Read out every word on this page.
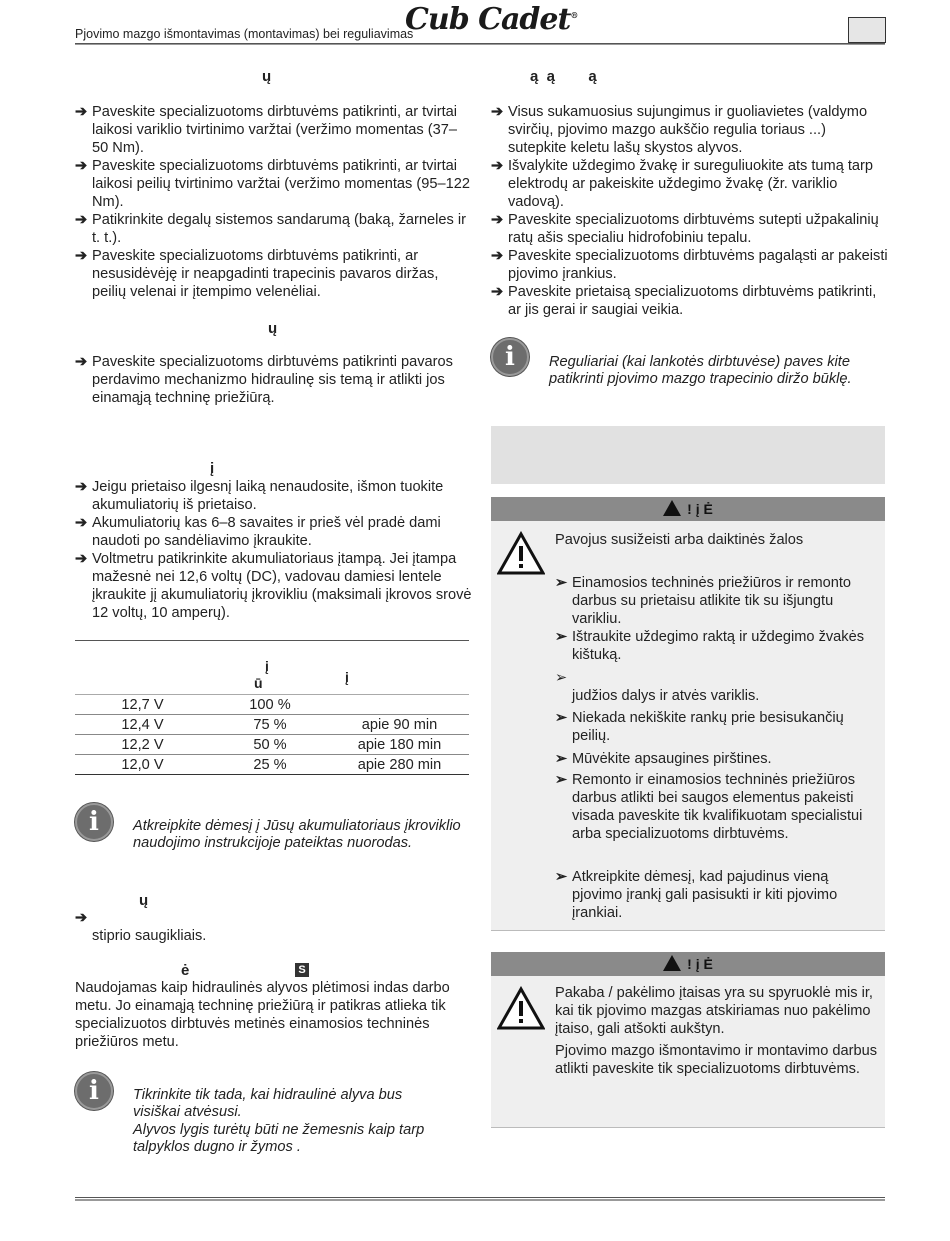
Pjovimo mazgo išmontavimas (montavimas) bei reguliavimas
Cub Cadet®
ų
➔ Paveskite specializuotoms dirbtuvėms patikrinti, ar tvirtai laikosi variklio tvirtinimo varžtai (veržimo momentas (37–50 Nm).
➔ Paveskite specializuotoms dirbtuvėms patikrinti, ar tvirtai laikosi peilių tvirtinimo varžtai (veržimo momentas (95–122 Nm).
➔ Patikrinkite degalų sistemos sandarumą (baką, žarneles ir t. t.).
➔ Paveskite specializuotoms dirbtuvėms patikrinti, ar nesusidėvėję ir neapgadinti trapecinis pavaros diržas, peilių velenai ir įtempimo velenėliai.
ų
➔ Paveskite specializuotoms dirbtuvėms patikrinti pavaros perdavimo mechanizmo hidraulinę sis temą ir atlikti jos einamąją techninę priežiūrą.
į
➔ Jeigu prietaiso ilgesnį laiką nenaudosite, išmon tuokite akumuliatorių iš prietaiso.
➔ Akumuliatorių kas 6–8 savaites ir prieš vėl pradė dami naudoti po sandėliavimo įkraukite.
➔ Voltmetru patikrinkite akumuliatoriaus įtampą. Jei įtampa mažesnė nei 12,6 voltų (DC), vadovau damiesi lentele įkraukite jį akumuliatorių įkrovikliu (maksimali įkrovos srovė 12 voltų, 10 amperų).
į
ū	į
12,7 V	100 %	
12,4 V	75 %	apie 90 min
12,2 V	50 %	apie 180 min
12,0 V	25 %	apie 280 min
i	Atkreipkite dėmesį į Jūsų akumuliatoriaus įkroviklio naudojimo instrukcijoje pateiktas nuorodas.
ų
➔
stiprio saugikliais.
ė	S
Naudojamas kaip hidraulinės alyvos plėtimosi indas darbo metu. Jo einamąją techninę priežiūrą ir patikras atlieka tik specializuotos dirbtuvės metinės einamosios techninės priežiūros metu.
i	Tikrinkite tik tada, kai hidraulinė alyva bus visiškai atvėsusi.
Alyvos lygis turėtų būti ne žemesnis kaip tarp talpyklos dugno ir žymos .
ą  ą        ą
➔ Visus sukamuosius sujungimus ir guoliavietes (valdymo svirčių, pjovimo mazgo aukščio regulia toriaus ...) sutepkite keletu lašų skystos alyvos.
➔ Išvalykite uždegimo žvakę ir sureguliuokite ats tumą tarp elektrodų ar pakeiskite uždegimo žvakę (žr. variklio vadovą).
➔ Paveskite specializuotoms dirbtuvėms sutepti užpakalinių ratų ašis specialiu hidrofobiniu tepalu.
➔ Paveskite specializuotoms dirbtuvėms pagaląsti ar pakeisti pjovimo įrankius.
➔ Paveskite prietaisą specializuotoms dirbtuvėms patikrinti, ar jis gerai ir saugiai veikia.
i	Reguliariai (kai lankotės dirbtuvėse) paves kite patikrinti pjovimo mazgo trapecinio diržo būklę.
! į Ė
Pavojus susižeisti arba daiktinės žalos
➢ Einamosios techninės priežiūros ir remonto darbus su prietaisu atlikite tik su išjungtu varikliu.
➢ Ištraukite uždegimo raktą ir uždegimo žvakės kištuką.
➢
judžios dalys ir atvės variklis.
➢ Niekada nekiškite rankų prie besisukančių peilių.
➢ Mūvėkite apsaugines pirštines.
➢ Remonto ir einamosios techninės priežiūros darbus atlikti bei saugos elementus pakeisti visada paveskite tik kvalifikuotam specialistui arba specializuotoms dirbtuvėms.
➢ Atkreipkite dėmesį, kad pajudinus vieną pjovimo įrankį gali pasisukti ir kiti pjovimo įrankiai.
! į Ė
Pakaba / pakėlimo įtaisas yra su spyruoklė mis ir, kai tik pjovimo mazgas atskiriamas nuo pakėlimo įtaiso, gali atšokti aukštyn.
Pjovimo mazgo išmontavimo ir montavimo darbus atlikti paveskite tik specializuotoms dirbtuvėms.
